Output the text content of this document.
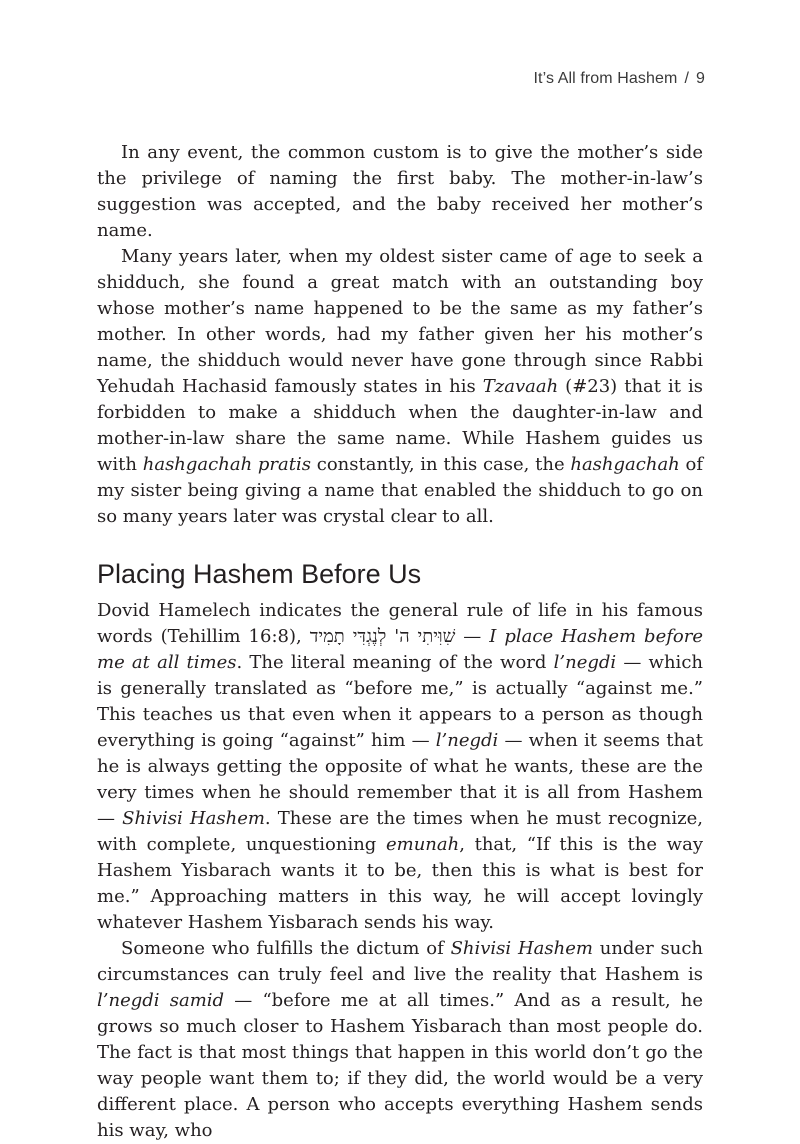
It’s All from Hashem / 9

In any event, the common custom is to give the mother’s side the privilege of naming the first baby. The mother-in-law’s suggestion was accepted, and the baby received her mother’s name.

Many years later, when my oldest sister came of age to seek a shidduch, she found a great match with an outstanding boy whose mother’s name happened to be the same as my father’s mother. In other words, had my father given her his mother’s name, the shidduch would never have gone through since Rabbi Yehudah Hachasid famously states in his Tzavaah (#23) that it is forbidden to make a shidduch when the daughter-in-law and mother-in-law share the same name. While Hashem guides us with hashgachah pratis constantly, in this case, the hashgachah of my sister being giving a name that enabled the shidduch to go on so many years later was crystal clear to all.

Placing Hashem Before Us

Dovid Hamelech indicates the general rule of life in his famous words (Tehillim 16:8), שִׁוִּיתִי ה' לְנֶגְדִּי תָמִיד — I place Hashem before me at all times. The literal meaning of the word l’negdi — which is generally translated as “before me,” is actually “against me.” This teaches us that even when it appears to a person as though everything is going “against” him — l’negdi — when it seems that he is always getting the opposite of what he wants, these are the very times when he should remember that it is all from Hashem — Shivisi Hashem. These are the times when he must recognize, with complete, unquestioning emunah, that, “If this is the way Hashem Yisbarach wants it to be, then this is what is best for me.” Approaching matters in this way, he will accept lovingly whatever Hashem Yisbarach sends his way.

Someone who fulfills the dictum of Shivisi Hashem under such circumstances can truly feel and live the reality that Hashem is l’negdi samid — “before me at all times.” And as a result, he grows so much closer to Hashem Yisbarach than most people do. The fact is that most things that happen in this world don’t go the way people want them to; if they did, the world would be a very different place. A person who accepts everything Hashem sends his way, who
